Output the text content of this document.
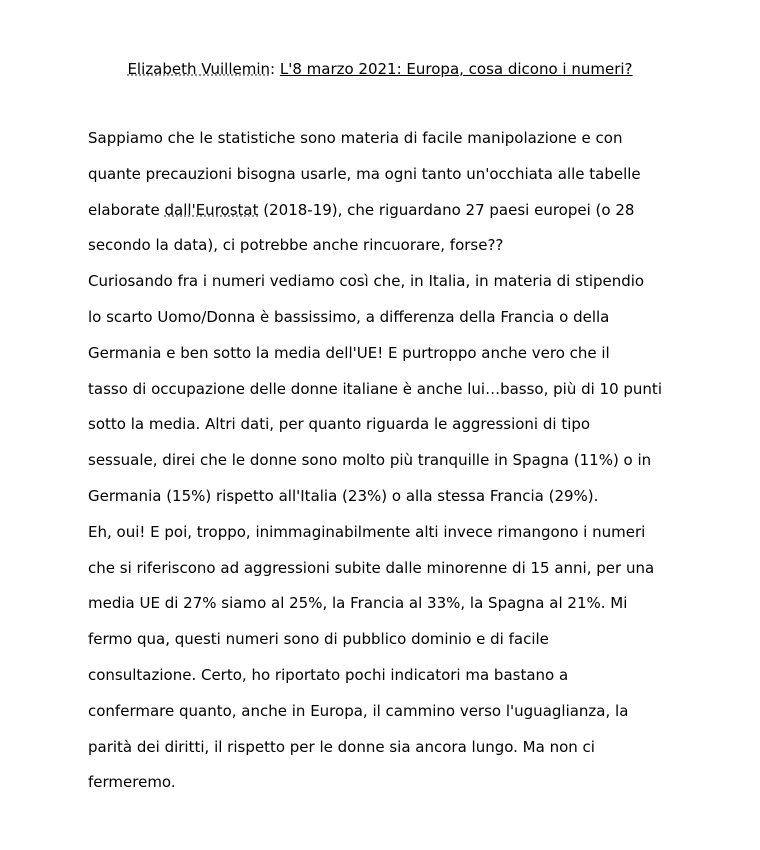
Elizabeth Vuillemin: L'8 marzo 2021: Europa, cosa dicono i numeri?
Sappiamo che le statistiche sono materia di facile manipolazione e con
quante precauzioni bisogna usarle, ma ogni tanto un'occhiata alle tabelle
elaborate dall'Eurostat (2018-19), che riguardano 27 paesi europei (o 28
secondo la data), ci potrebbe anche rincuorare, forse??
Curiosando fra i numeri vediamo così che, in Italia, in materia di stipendio
lo scarto Uomo/Donna è bassissimo, a differenza della Francia o della
Germania e ben sotto la media dell'UE! E purtroppo anche vero che il
tasso di occupazione delle donne italiane è anche lui…basso, più di 10 punti
sotto la media. Altri dati, per quanto riguarda le aggressioni di tipo
sessuale, direi che le donne sono molto più tranquille in Spagna (11%) o in
Germania (15%) rispetto all'Italia (23%) o alla stessa Francia (29%).
Eh, oui! E poi, troppo, inimmaginabilmente alti invece rimangono i numeri
che si riferiscono ad aggressioni subite dalle minorenne di 15 anni, per una
media UE di 27% siamo al 25%, la Francia al 33%, la Spagna al 21%. Mi
fermo qua, questi numeri sono di pubblico dominio e di facile
consultazione. Certo, ho riportato pochi indicatori ma bastano a
confermare quanto, anche in Europa, il cammino verso l'uguaglianza, la
parità dei diritti, il rispetto per le donne sia ancora lungo. Ma non ci
fermeremo.
